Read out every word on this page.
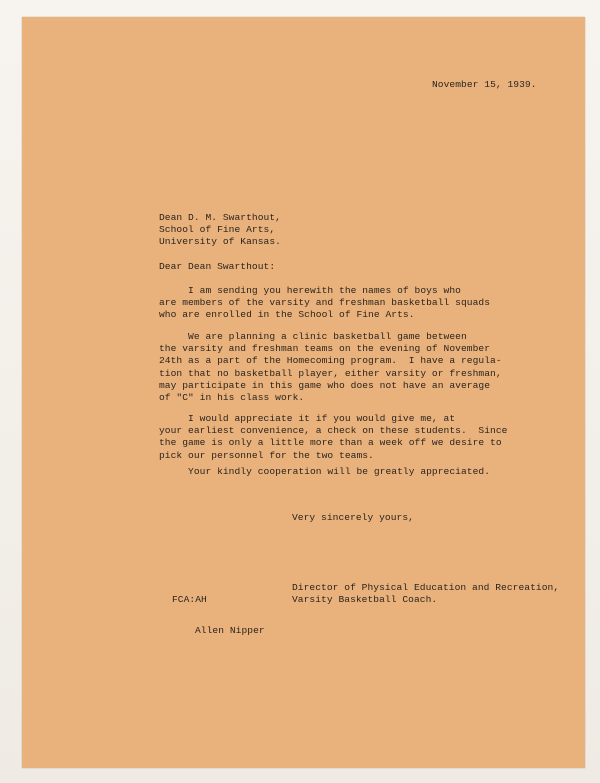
November 15, 1939.
Dean D. M. Swarthout,
School of Fine Arts,
University of Kansas.
Dear Dean Swarthout:
I am sending you herewith the names of boys who
are members of the varsity and freshman basketball squads
who are enrolled in the School of Fine Arts.
We are planning a clinic basketball game between
the varsity and freshman teams on the evening of November
24th as a part of the Homecoming program.  I have a regula-
tion that no basketball player, either varsity or freshman,
may participate in this game who does not have an average
of "C" in his class work.
I would appreciate it if you would give me, at
your earliest convenience, a check on these students.  Since
the game is only a little more than a week off we desire to
pick our personnel for the two teams.
Your kindly cooperation will be greatly appreciated.
Very sincerely yours,
Director of Physical Education and Recreation,
Varsity Basketball Coach.
FCA:AH
Allen Nipper
